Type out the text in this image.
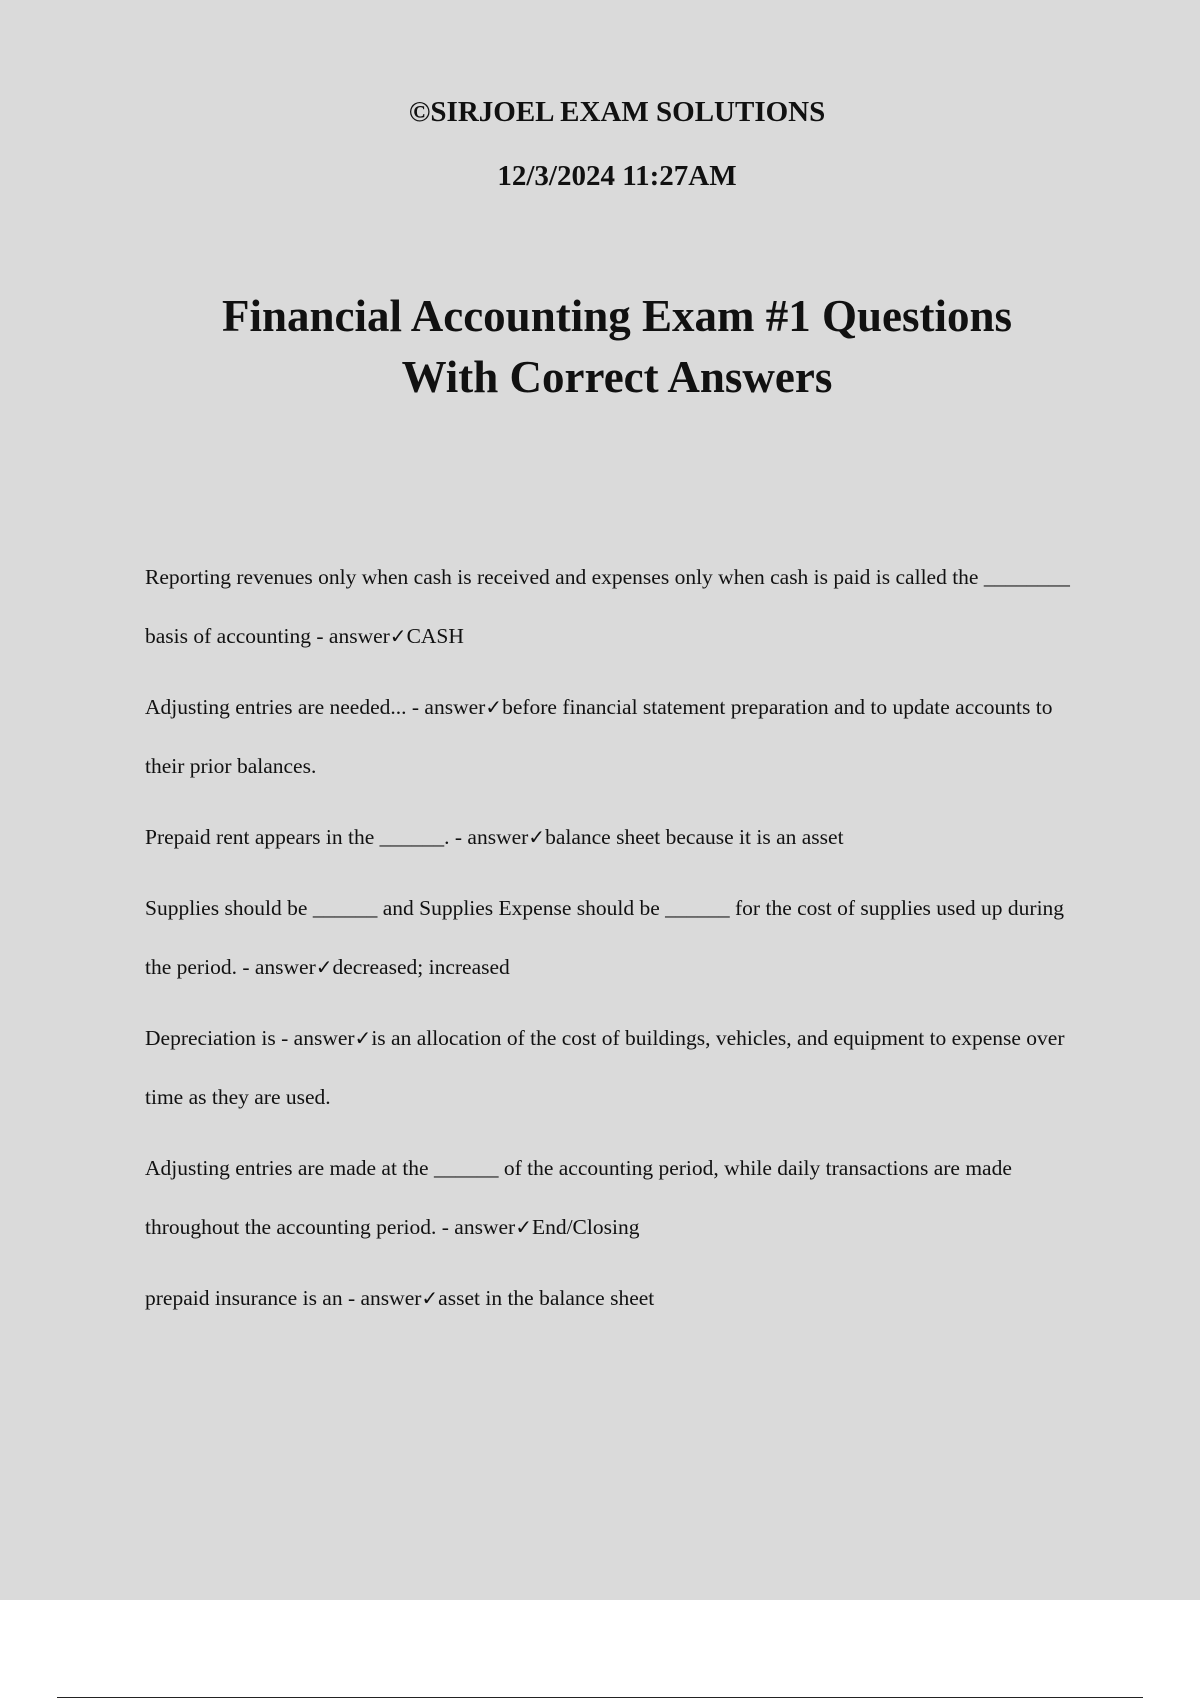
©SIRJOEL EXAM SOLUTIONS

12/3/2024 11:27AM

Financial Accounting Exam #1 Questions
With Correct Answers

Reporting revenues only when cash is received and expenses only when cash is paid is called the ________ basis of accounting - answer✓CASH

Adjusting entries are needed... - answer✓before financial statement preparation and to update accounts to their prior balances.

Prepaid rent appears in the ______. - answer✓balance sheet because it is an asset

Supplies should be ______ and Supplies Expense should be ______ for the cost of supplies used up during the period. - answer✓decreased; increased

Depreciation is - answer✓is an allocation of the cost of buildings, vehicles, and equipment to expense over time as they are used.

Adjusting entries are made at the ______ of the accounting period, while daily transactions are made throughout the accounting period. - answer✓End/Closing

prepaid insurance is an - answer✓asset in the balance sheet
